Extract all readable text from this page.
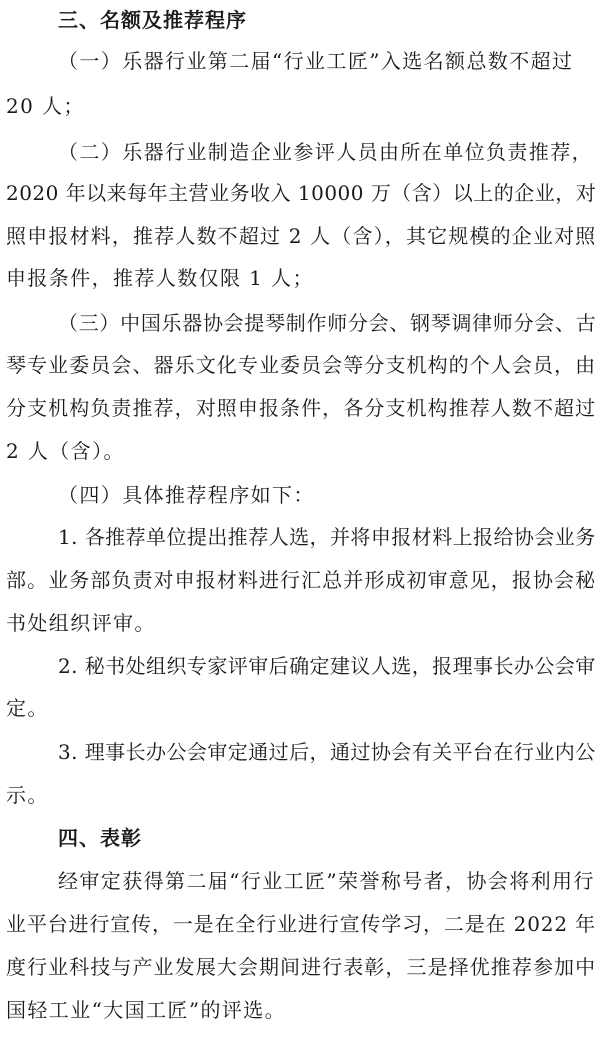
三、名额及推荐程序
（一）乐器行业第二届“行业工匠”入选名额总数不超过
20 人；
（二）乐器行业制造企业参评人员由所在单位负责推荐，
2020 年以来每年主营业务收入 10000 万（含）以上的企业，对
照申报材料，推荐人数不超过 2 人（含），其它规模的企业对照
申报条件，推荐人数仅限 1 人；
（三）中国乐器协会提琴制作师分会、钢琴调律师分会、古
琴专业委员会、器乐文化专业委员会等分支机构的个人会员，由
分支机构负责推荐，对照申报条件，各分支机构推荐人数不超过
2 人（含）。
（四）具体推荐程序如下：
1. 各推荐单位提出推荐人选，并将申报材料上报给协会业务
部。业务部负责对申报材料进行汇总并形成初审意见，报协会秘
书处组织评审。
2. 秘书处组织专家评审后确定建议人选，报理事长办公会审
定。
3. 理事长办公会审定通过后，通过协会有关平台在行业内公
示。
四、表彰
经审定获得第二届“行业工匠”荣誉称号者，协会将利用行
业平台进行宣传，一是在全行业进行宣传学习，二是在 2022 年
度行业科技与产业发展大会期间进行表彰，三是择优推荐参加中
国轻工业“大国工匠”的评选。
